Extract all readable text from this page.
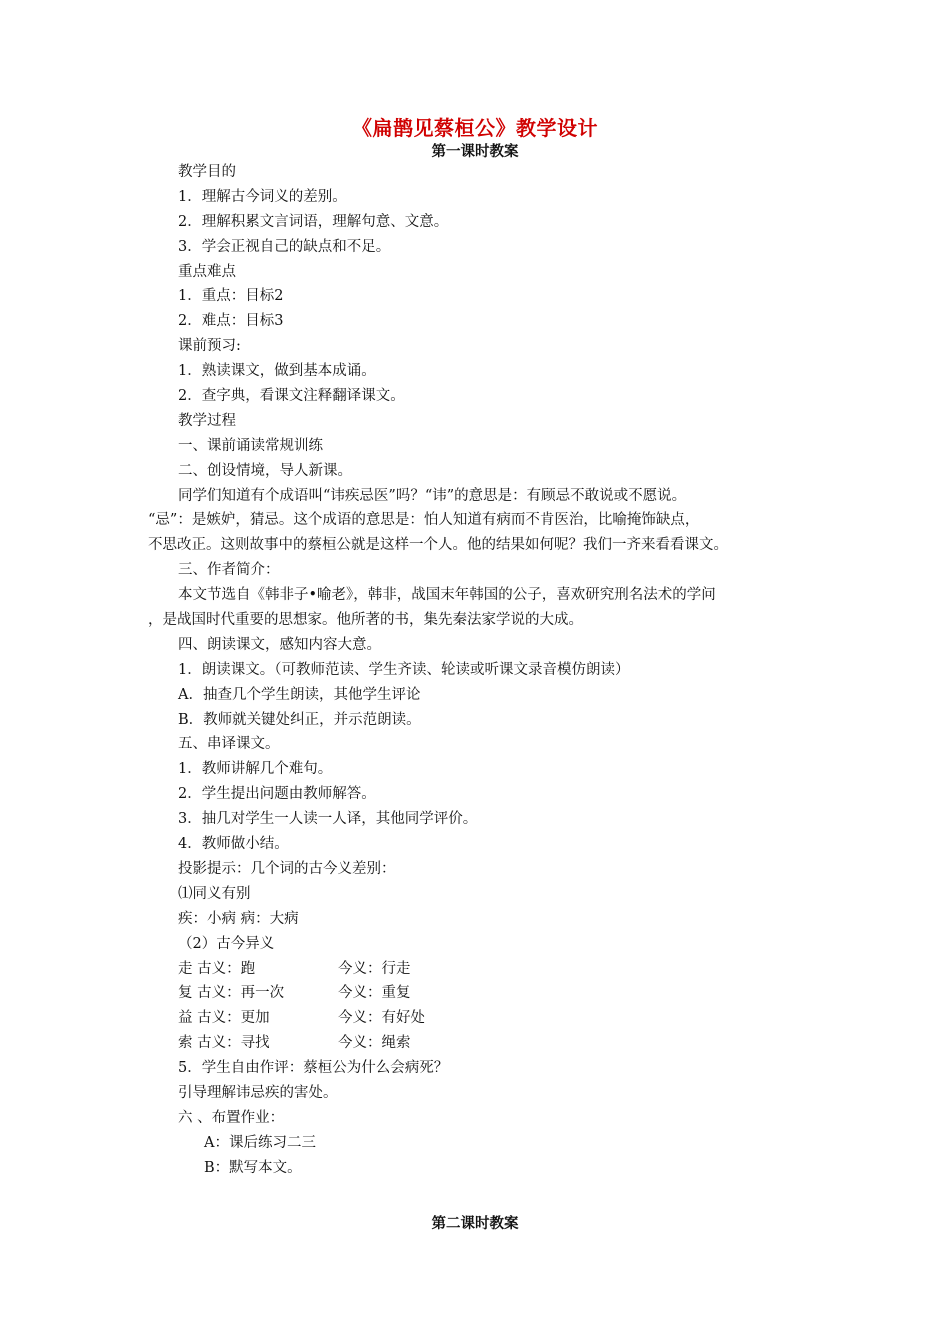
《扁鹊见蔡桓公》教学设计
第一课时教案
教学目的
1．理解古今词义的差别。
2．理解积累文言词语，理解句意、文意。
3．学会正视自己的缺点和不足。
重点难点
1．重点：目标2
2．难点：目标3
课前预习:
1．熟读课文，做到基本成诵。
2．查字典，看课文注释翻译课文。
教学过程
一、课前诵读常规训练
二、创设情境，导人新课。
同学们知道有个成语叫“讳疾忌医”吗？“讳”的意思是：有顾忌不敢说或不愿说。
“忌”：是嫉妒，猜忌。这个成语的意思是：怕人知道有病而不肯医治，比喻掩饰缺点，
不思改正。这则故事中的蔡桓公就是这样一个人。他的结果如何呢？我们一齐来看看课文。
三、作者简介：
本文节选自《韩非子•喻老》，韩非，战国末年韩国的公子，喜欢研究刑名法术的学问
，是战国时代重要的思想家。他所著的书，集先秦法家学说的大成。
四、朗读课文，感知内容大意。
1．朗读课文。（可教师范读、学生齐读、轮读或听课文录音模仿朗读）
A．抽查几个学生朗读，其他学生评论
B．教师就关键处纠正，并示范朗读。
五、串译课文。
1．教师讲解几个难句。
2．学生提出问题由教师解答。
3．抽几对学生一人读一人译，其他同学评价。
4．教师做小结。
投影提示：几个词的古今义差别：
⑴同义有别
疾：小病 病：大病
（2）古今异义
走 古义：跑	今义：行走
复 古义：再一次	今义：重复
益 古义：更加	今义：有好处
索 古义：寻找	今义：绳索
5．学生自由作评：蔡桓公为什么会病死？
引导理解讳忌疾的害处。
六 、布置作业：
A：课后练习二三
B：默写本文。
第二课时教案
